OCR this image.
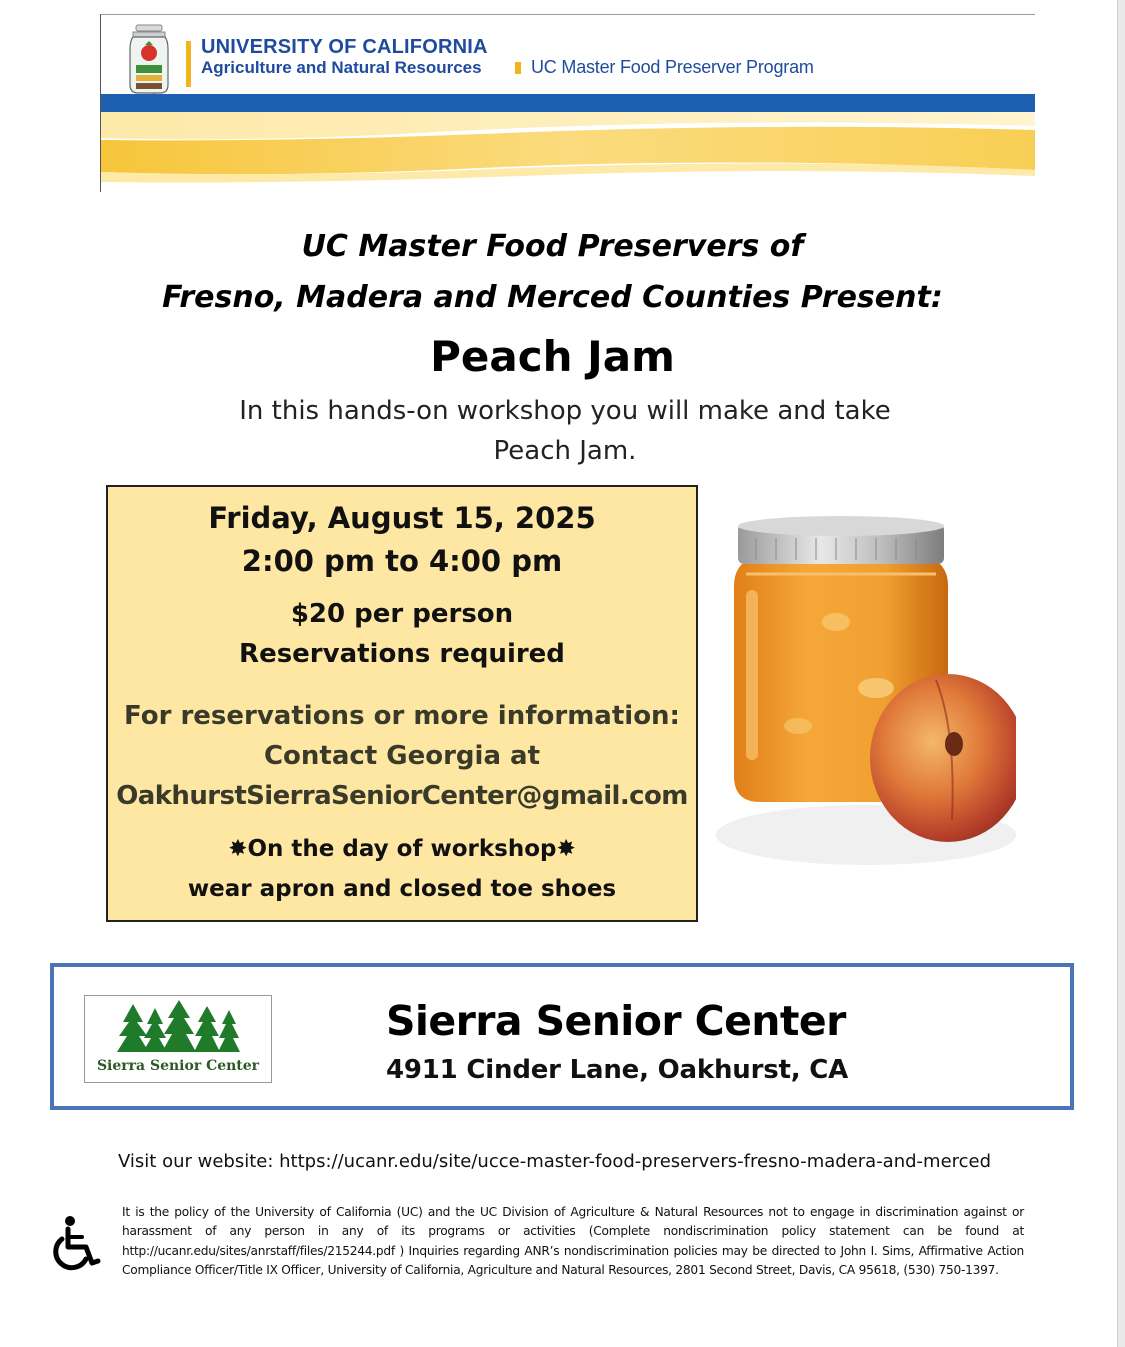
UNIVERSITY OF CALIFORNIA
Agriculture and Natural Resources	UC Master Food Preserver Program
UC Master Food Preservers of
Fresno, Madera and Merced Counties Present:
Peach Jam
In this hands-on workshop you will make and take
Peach Jam.
Friday, August 15, 2025
2:00 pm to 4:00 pm
$20 per person
Reservations required
For reservations or more information:
Contact Georgia at
OakhurstSierraSeniorCenter@gmail.com
✸On the day of workshop✸
wear apron and closed toe shoes
Sierra Senior Center
Sierra Senior Center
4911 Cinder Lane, Oakhurst, CA
Visit our website: https://ucanr.edu/site/ucce-master-food-preservers-fresno-madera-and-merced
It is the policy of the University of California (UC) and the UC Division of Agriculture & Natural Resources not to engage in discrimination against or harassment of any person in any of its programs or activities (Complete nondiscrimination policy statement can be found at http://ucanr.edu/sites/anrstaff/files/215244.pdf ) Inquiries regarding ANR’s nondiscrimination policies may be directed to John I. Sims, Affirmative Action Compliance Officer/Title IX Officer, University of California, Agriculture and Natural Resources, 2801 Second Street, Davis, CA 95618, (530) 750-1397.
